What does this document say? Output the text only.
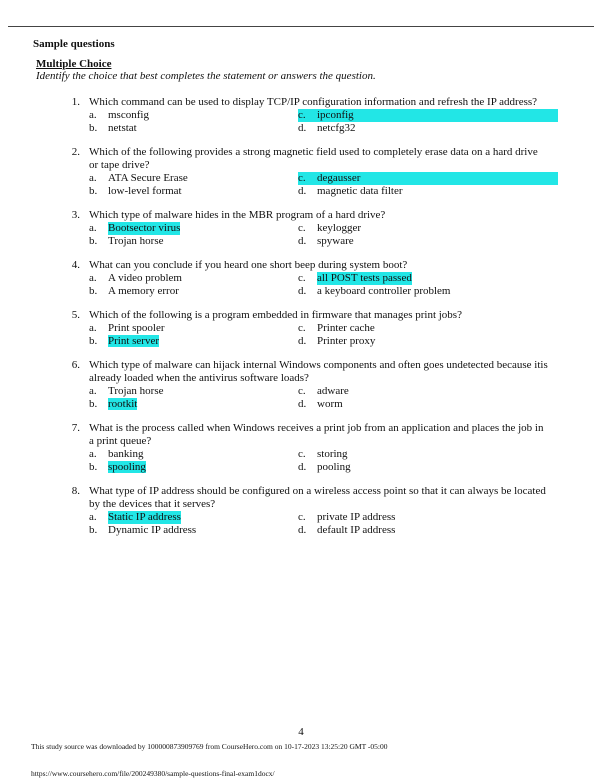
Sample questions
Multiple Choice
Identify the choice that best completes the statement or answers the question.
1. Which command can be used to display TCP/IP configuration information and refresh the IP address?
a.	msconfig	c.	ipconfig
b. netstat	d. netcfg32
2. Which of the following provides a strong magnetic field used to completely erase data on a hard drive or tape drive?
a.	ATA Secure Erase	c.	degausser
b. low-level format	d. magnetic data filter
3. Which type of malware hides in the MBR program of a hard drive?
a.	Bootsector virus	c.	keylogger
b. Trojan horse	d. spyware
4. What can you conclude if you heard one short beep during system boot?
a.	A video problem	c.	all POST tests passed
b. A memory error	d. a keyboard controller problem
5. Which of the following is a program embedded in firmware that manages print jobs?
a.	Print spooler	c.	Printer cache
b. Print server	d. Printer proxy
6. Which type of malware can hijack internal Windows components and often goes undetected because itis already loaded when the antivirus software loads?
a.	Trojan horse	c.	adware
b. rootkit	d. worm
7. What is the process called when Windows receives a print job from an application and places the job in a print queue?
a.	banking	c.	storing
b. spooling	d. pooling
8. What type of IP address should be configured on a wireless access point so that it can always be located by the devices that it serves?
a.	Static IP address	c.	private IP address
b. Dynamic IP address	d. default IP address
4
This study source was downloaded by 100000873909769 from CourseHero.com on 10-17-2023 13:25:20 GMT -05:00
https://www.coursehero.com/file/200249380/sample-questions-final-exam1docx/
